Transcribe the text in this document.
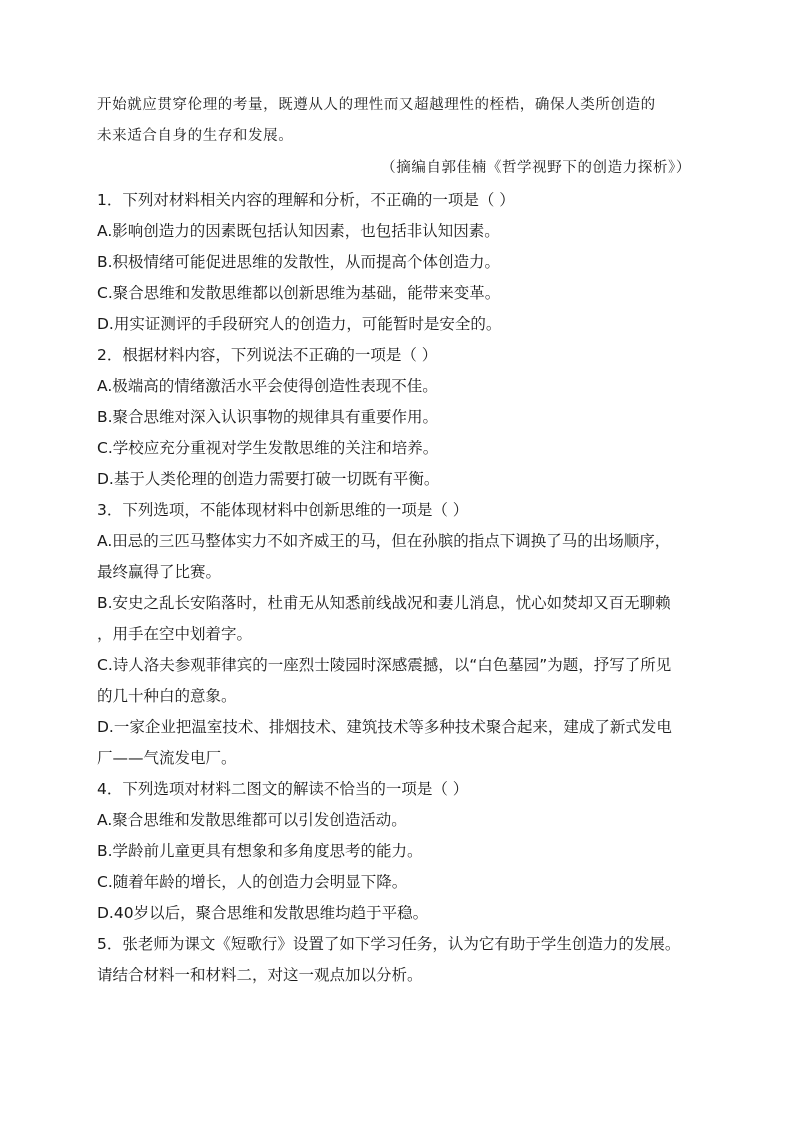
开始就应贯穿伦理的考量，既遵从人的理性而又超越理性的桎梏，确保人类所创造的
未来适合自身的生存和发展。
（摘编自郭佳楠《哲学视野下的创造力探析》）
1．下列对材料相关内容的理解和分析，不正确的一项是（ ）
A.影响创造力的因素既包括认知因素，也包括非认知因素。
B.积极情绪可能促进思维的发散性，从而提高个体创造力。
C.聚合思维和发散思维都以创新思维为基础，能带来变革。
D.用实证测评的手段研究人的创造力，可能暂时是安全的。
2．根据材料内容，下列说法不正确的一项是（ ）
A.极端高的情绪激活水平会使得创造性表现不佳。
B.聚合思维对深入认识事物的规律具有重要作用。
C.学校应充分重视对学生发散思维的关注和培养。
D.基于人类伦理的创造力需要打破一切既有平衡。
3．下列选项，不能体现材料中创新思维的一项是（ ）
A.田忌的三匹马整体实力不如齐威王的马，但在孙膑的指点下调换了马的出场顺序，
最终赢得了比赛。
B.安史之乱长安陷落时，杜甫无从知悉前线战况和妻儿消息，忧心如焚却又百无聊赖
，用手在空中划着字。
C.诗人洛夫参观菲律宾的一座烈士陵园时深感震撼，以“白色墓园”为题，抒写了所见
的几十种白的意象。
D.一家企业把温室技术、排烟技术、建筑技术等多种技术聚合起来，建成了新式发电
厂——气流发电厂。
4．下列选项对材料二图文的解读不恰当的一项是（ ）
A.聚合思维和发散思维都可以引发创造活动。
B.学龄前儿童更具有想象和多角度思考的能力。
C.随着年龄的增长，人的创造力会明显下降。
D.40岁以后，聚合思维和发散思维均趋于平稳。
5．张老师为课文《短歌行》设置了如下学习任务，认为它有助于学生创造力的发展。
请结合材料一和材料二，对这一观点加以分析。
